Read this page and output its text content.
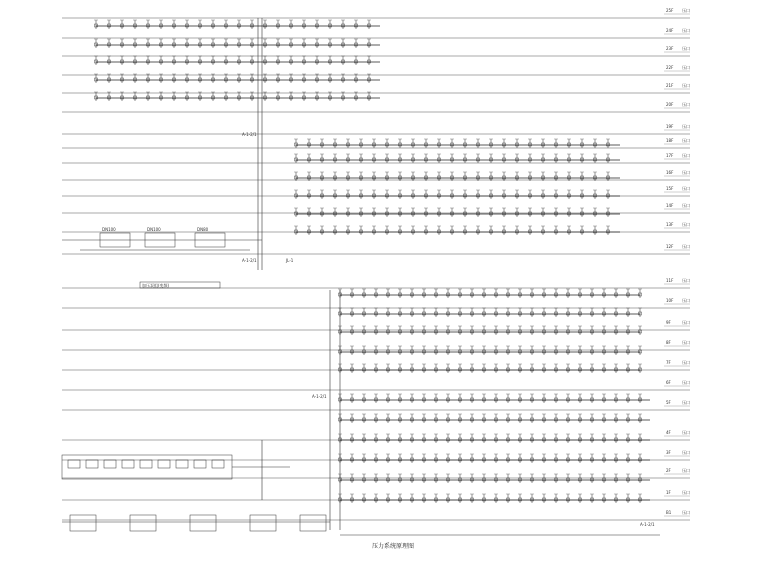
加压泵组(变频)
DN100	DN100	DN80
25F 压口
24F 压口
23F 压口
22F 压口
21F 压口
20F 压口
19F 压口
18F 压口
17F 压口
16F 压口
15F 压口
14F 压口
13F 压口
12F 压口
11F 压口
10F 压口
9F	压口
8F	压口
7F	压口
6F	压口
5F	压口
4F	压口
3F	压口
2F	压口
1F	压口
B1	压口
A-1-2/1
A-1-2/1	JL-1
A-1-2/1
A-1-2/1
压力系统原理图
